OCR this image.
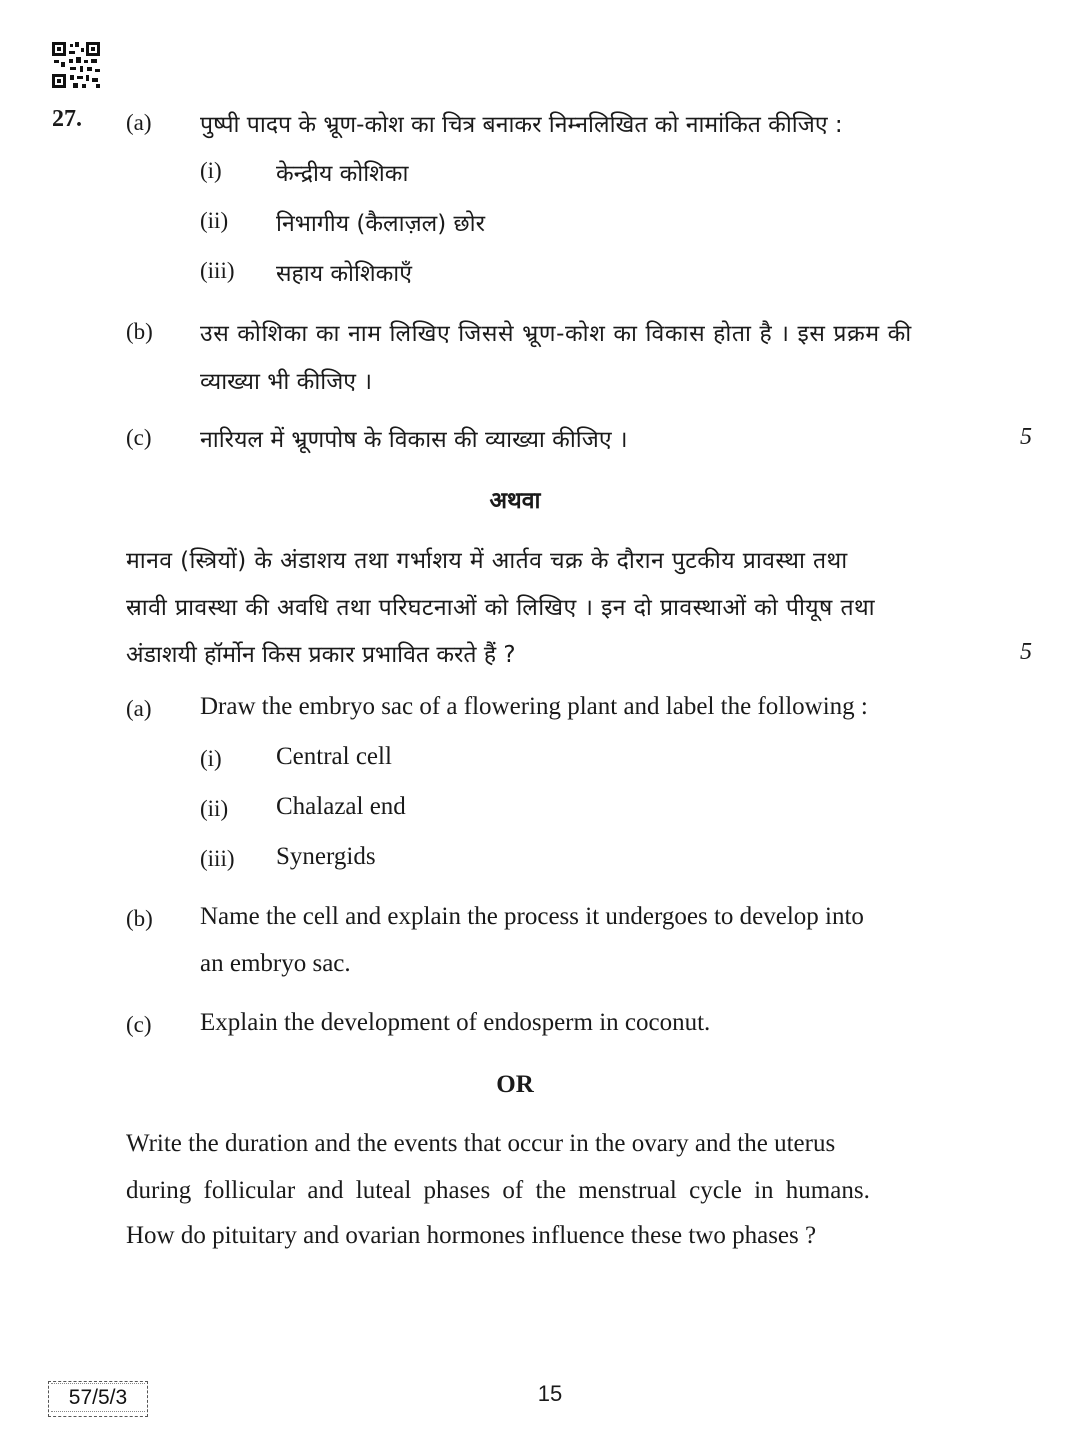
27. (a) पुष्पी पादप के भ्रूण-कोश का चित्र बनाकर निम्नलिखित को नामांकित कीजिए :
(i) केन्द्रीय कोशिका
(ii) निभागीय (कैलाज़ल) छोर
(iii) सहाय कोशिकाएँ
(b) उस कोशिका का नाम लिखिए जिससे भ्रूण-कोश का विकास होता है । इस प्रक्रम की
व्याख्या भी कीजिए ।
(c) नारियल में भ्रूणपोष के विकास की व्याख्या कीजिए ।	5
अथवा
मानव (स्त्रियों) के अंडाशय तथा गर्भाशय में आर्तव चक्र के दौरान पुटकीय प्रावस्था तथा
स्रावी प्रावस्था की अवधि तथा परिघटनाओं को लिखिए । इन दो प्रावस्थाओं को पीयूष तथा
अंडाशयी हॉर्मोन किस प्रकार प्रभावित करते हैं ?	5
(a) Draw the embryo sac of a flowering plant and label the following :
(i) Central cell
(ii) Chalazal end
(iii) Synergids
(b) Name the cell and explain the process it undergoes to develop into
an embryo sac.
(c) Explain the development of endosperm in coconut.
OR
Write the duration and the events that occur in the ovary and the uterus
during follicular and luteal phases of the menstrual cycle in humans.
How do pituitary and ovarian hormones influence these two phases ?
57/5/3	15
